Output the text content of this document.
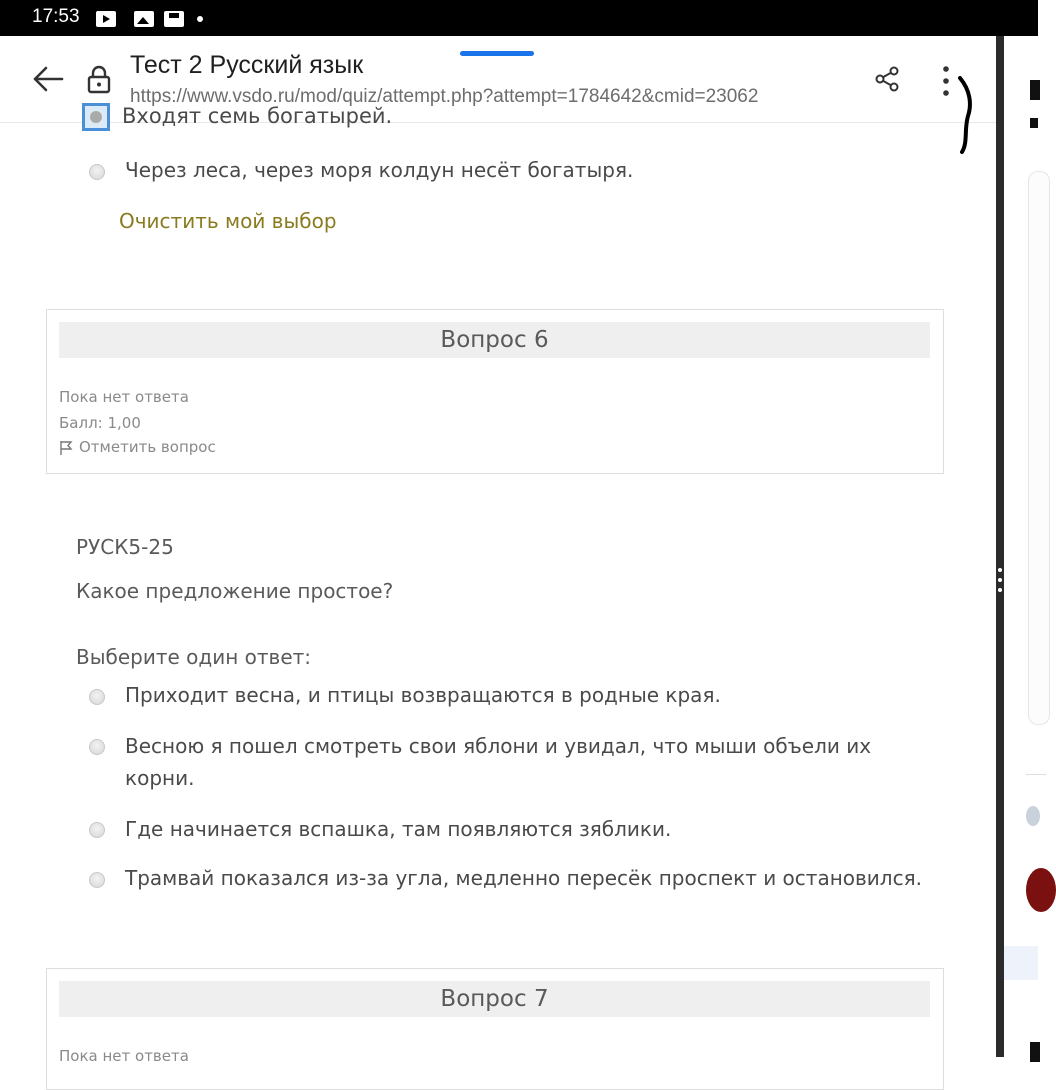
17:53
Тест 2 Русский язык
https://www.vsdo.ru/mod/quiz/attempt.php?attempt=1784642&cmid=23062
Входят семь богатырей.
Через леса, через моря колдун несёт богатыря.
Очистить мой выбор
Вопрос 6
Пока нет ответа
Балл: 1,00
Отметить вопрос
РУСК5-25
Какое предложение простое?
Выберите один ответ:
Приходит весна, и птицы возвращаются в родные края.
Весною я пошел смотреть свои яблони и увидал, что мыши объели их
корни.
Где начинается вспашка, там появляются зяблики.
Трамвай показался из-за угла, медленно пересёк проспект и остановился.
Вопрос 7
Пока нет ответа
